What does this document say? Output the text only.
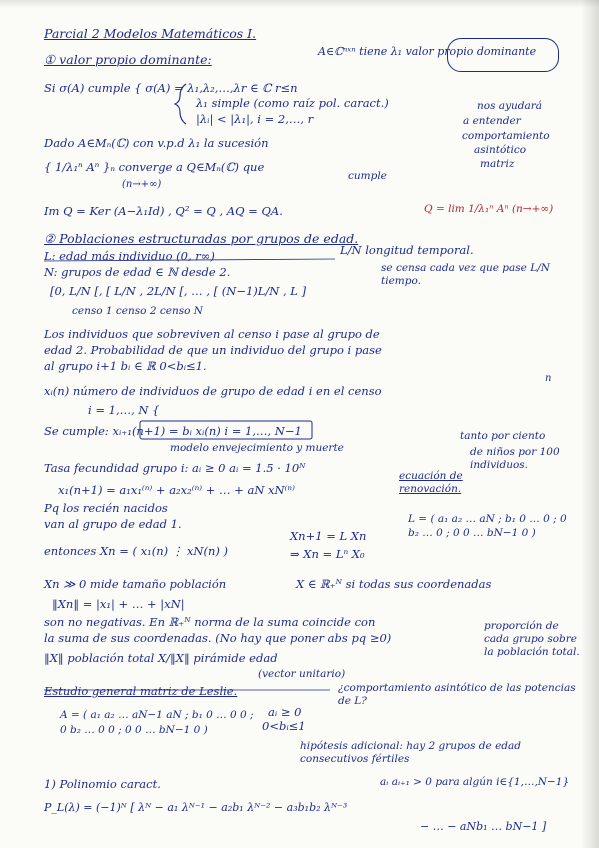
Parcial 2 Modelos Matemáticos I.
① valor propio dominante:
A∈ℂⁿˣⁿ tiene λ₁ valor propio dominante
Si σ(A) cumple { σ(A) = λ₁,λ₂,…,λr ∈ ℂ r≤n
λ₁ simple (como raíz pol. caract.)	nos ayudará
|λᵢ| < |λ₁|, i = 2,…, r	a entender
Dado A∈Mₙ(ℂ) con v.p.d λ₁ la sucesión	comportamiento
asintótico
{ 1/λ₁ⁿ Aⁿ }ₙ converge a Q∈Mₙ(ℂ) que	matriz
cumple
(n→+∞)
Im Q = Ker (A−λ₁Id) , Q² = Q , AQ = QA.	Q = lim 1/λ₁ⁿ Aⁿ (n→+∞)
② Poblaciones estructuradas por grupos de edad.
L: edad más individuo (0, r∞)	L/N longitud temporal.
N: grupos de edad ∈ ℕ desde 2.	se censa cada vez que pase L/N tiempo.
[0, L/N [, [ L/N , 2L/N [, … , [ (N−1)L/N , L ]
censo 1 censo 2 censo N
Los individuos que sobreviven al censo i pase al grupo de
edad 2. Probabilidad de que un individuo del grupo i pase
al grupo i+1 bᵢ ∈ ℝ 0<bᵢ≤1.
n
xᵢ(n) número de individuos de grupo de edad i en el censo
i = 1,…, N {
Se cumple: xᵢ₊₁(n+1) = bᵢ xᵢ(n) i = 1,…, N−1
modelo envejecimiento y muerte
tanto por ciento
Tasa fecundidad grupo i: aᵢ ≥ 0 aᵢ = 1.5 · 10ᴺ
de niños por 100 individuos.
x₁(n+1) = a₁x₁⁽ⁿ⁾ + a₂x₂⁽ⁿ⁾ + … + aN xN⁽ⁿ⁾
ecuación de renovación.
Pq los recién nacidos
van al grupo de edad 1.
entonces Xn = ( x₁(n) ⋮ xN(n) )
Xn+1 = L Xn
⇒ Xn = Lⁿ X₀
L = ( a₁ a₂ … aN ; b₁ 0 … 0 ; 0 b₂ … 0 ; 0 0 … bN−1 0 )
Xn ≫ 0 mide tamaño población
‖Xn‖ = |x₁| + … + |xN|
X ∈ ℝ₊ᴺ si todas sus coordenadas
son no negativas. En ℝ₊ᴺ norma de la suma coincide con
la suma de sus coordenadas. (No hay que poner abs pq ≥0)
‖X‖ población total X/‖X‖ pirámide edad
(vector unitario)
proporción de cada grupo sobre la población total.
Estudio general matriz de Leslie.	¿comportamiento asintótico de las potencias de L?
A = ( a₁ a₂ … aN−1 aN ; b₁ 0 … 0 0 ; 0 b₂ … 0 0 ; 0 0 … bN−1 0 )
aᵢ ≥ 0
0<bᵢ≤1
hipótesis adicional: hay 2 grupos de edad consecutivos fértiles
aᵢ aᵢ₊₁ > 0 para algún i∈{1,…,N−1}
1) Polinomio caract.
P_L(λ) = (−1)ᴺ [ λᴺ − a₁ λᴺ⁻¹ − a₂b₁ λᴺ⁻² − a₃b₁b₂ λᴺ⁻³
− … − aNb₁ … bN−1 ]
